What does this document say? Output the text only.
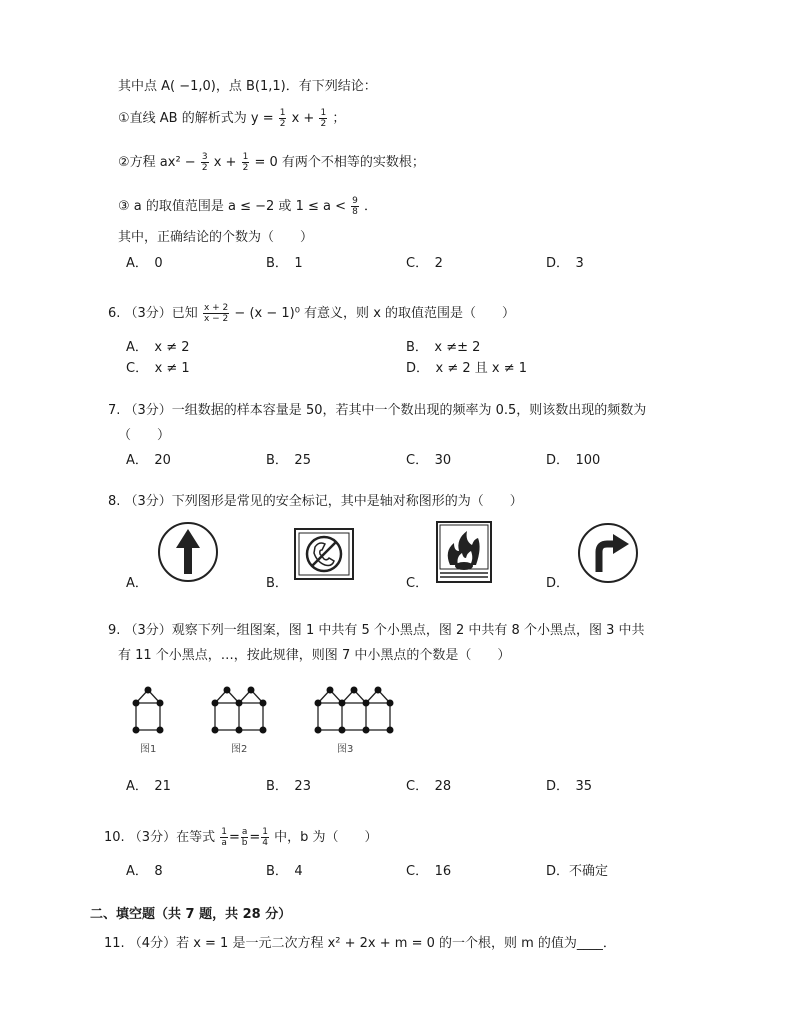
其中点 A( −1,0)，点 B(1,1)．有下列结论：
①直线 AB 的解析式为 $y = \frac{1}{2}$ $x + \frac{1}{2}$ ；
②方程 $ax^2 - \frac{3}{2}$ $x + \frac{1}{2} = 0$ 有两个不相等的实数根；
③ a 的取值范围是 a ≤ −2 或 $1 \le a < \frac{9}{8}$ ．
其中，正确结论的个数为（　　）
A．　0	B．　1	C．　2	D．　3
6. （3分）已知 $\frac{x + 2}{x - 2} - (x - 1)^0$ 有意义，则 x 的取值范围是（　　）
A．　x ≠ 2	B．　x ≠± 2
C．　x ≠ 1	D．　x ≠ 2 且 x ≠ 1
7. （3分）一组数据的样本容量是 50，若其中一个数出现的频率为 0.5，则该数出现的频数为
（　　）
A．　20	B．　25	C．　30	D．　100
8. （3分）下列图形是常见的安全标记，其中是轴对称图形的为（　　）
A．	B．	C．	D．
9. （3分）观察下列一组图案，图 1 中共有 5 个小黑点，图 2 中共有 8 个小黑点，图 3 中共
有 11 个小黑点，…，按此规律，则图 7 中小黑点的个数是（　　）
图1	图2	图3
A．　21	B．　23	C．　28	D．　35
10. （3分）在等式 $\frac{1}{a} = \frac{a}{b} = \frac{1}{4}$ 中，b 为（　　）
A．　8	B．　4	C．　16	D．不确定
二、填空题（共 7 题，共 28 分）
11. （4分）若 x = 1 是一元二次方程 x² + 2x + m = 0 的一个根，则 m 的值为____．
